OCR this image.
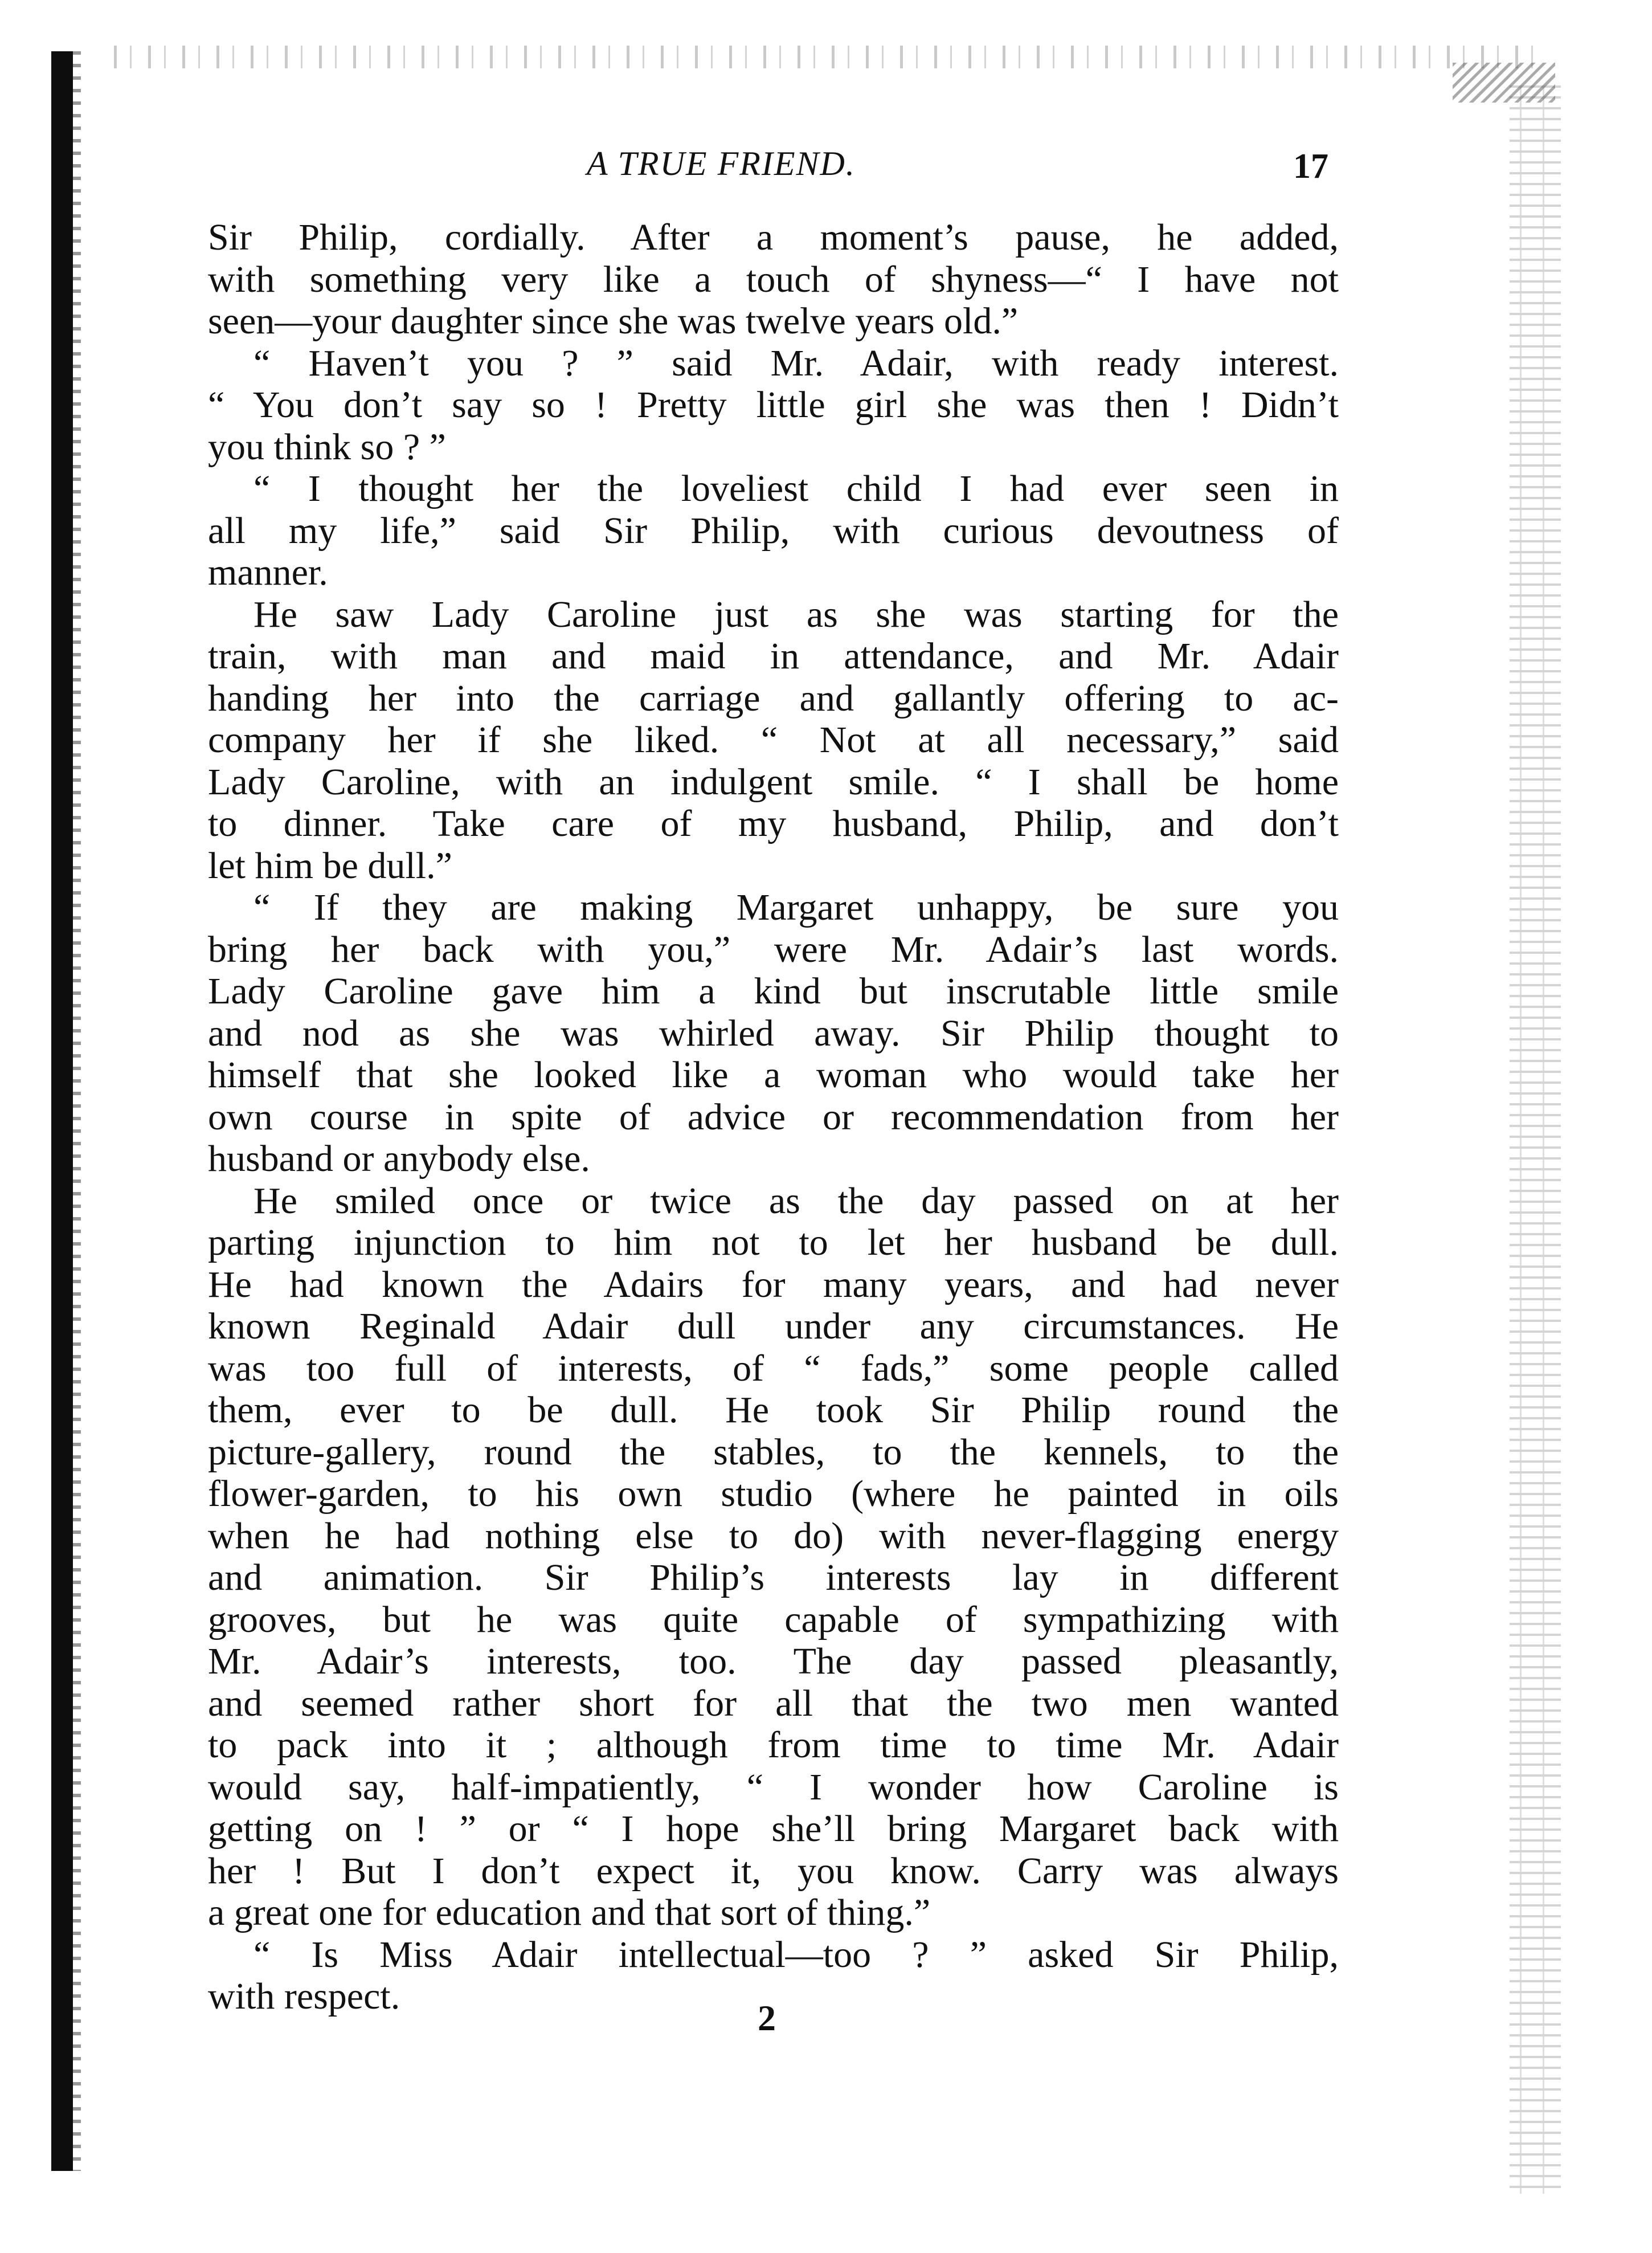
A TRUE FRIEND.	17
Sir Philip, cordially. After a moment’s pause, he added,
with something very like a touch of shyness—“ I have not
seen—your daughter since she was twelve years old.”
“ Haven’t you ? ” said Mr. Adair, with ready interest.
“ You don’t say so ! Pretty little girl she was then ! Didn’t
you think so ? ”
“ I thought her the loveliest child I had ever seen in
all my life,” said Sir Philip, with curious devoutness of
manner.
He saw Lady Caroline just as she was starting for the
train, with man and maid in attendance, and Mr. Adair
handing her into the carriage and gallantly offering to ac-
company her if she liked. “ Not at all necessary,” said
Lady Caroline, with an indulgent smile. “ I shall be home
to dinner. Take care of my husband, Philip, and don’t
let him be dull.”
“ If they are making Margaret unhappy, be sure you
bring her back with you,” were Mr. Adair’s last words.
Lady Caroline gave him a kind but inscrutable little smile
and nod as she was whirled away. Sir Philip thought to
himself that she looked like a woman who would take her
own course in spite of advice or recommendation from her
husband or anybody else.
He smiled once or twice as the day passed on at her
parting injunction to him not to let her husband be dull.
He had known the Adairs for many years, and had never
known Reginald Adair dull under any circumstances. He
was too full of interests, of “ fads,” some people called
them, ever to be dull. He took Sir Philip round the
picture-gallery, round the stables, to the kennels, to the
flower-garden, to his own studio (where he painted in oils
when he had nothing else to do) with never-flagging energy
and animation. Sir Philip’s interests lay in different
grooves, but he was quite capable of sympathizing with
Mr. Adair’s interests, too. The day passed pleasantly,
and seemed rather short for all that the two men wanted
to pack into it ; although from time to time Mr. Adair
would say, half-impatiently, “ I wonder how Caroline is
getting on ! ” or “ I hope she’ll bring Margaret back with
her ! But I don’t expect it, you know. Carry was always
a great one for education and that sort of thing.”
“ Is Miss Adair intellectual—too ? ” asked Sir Philip,
with respect.
2
